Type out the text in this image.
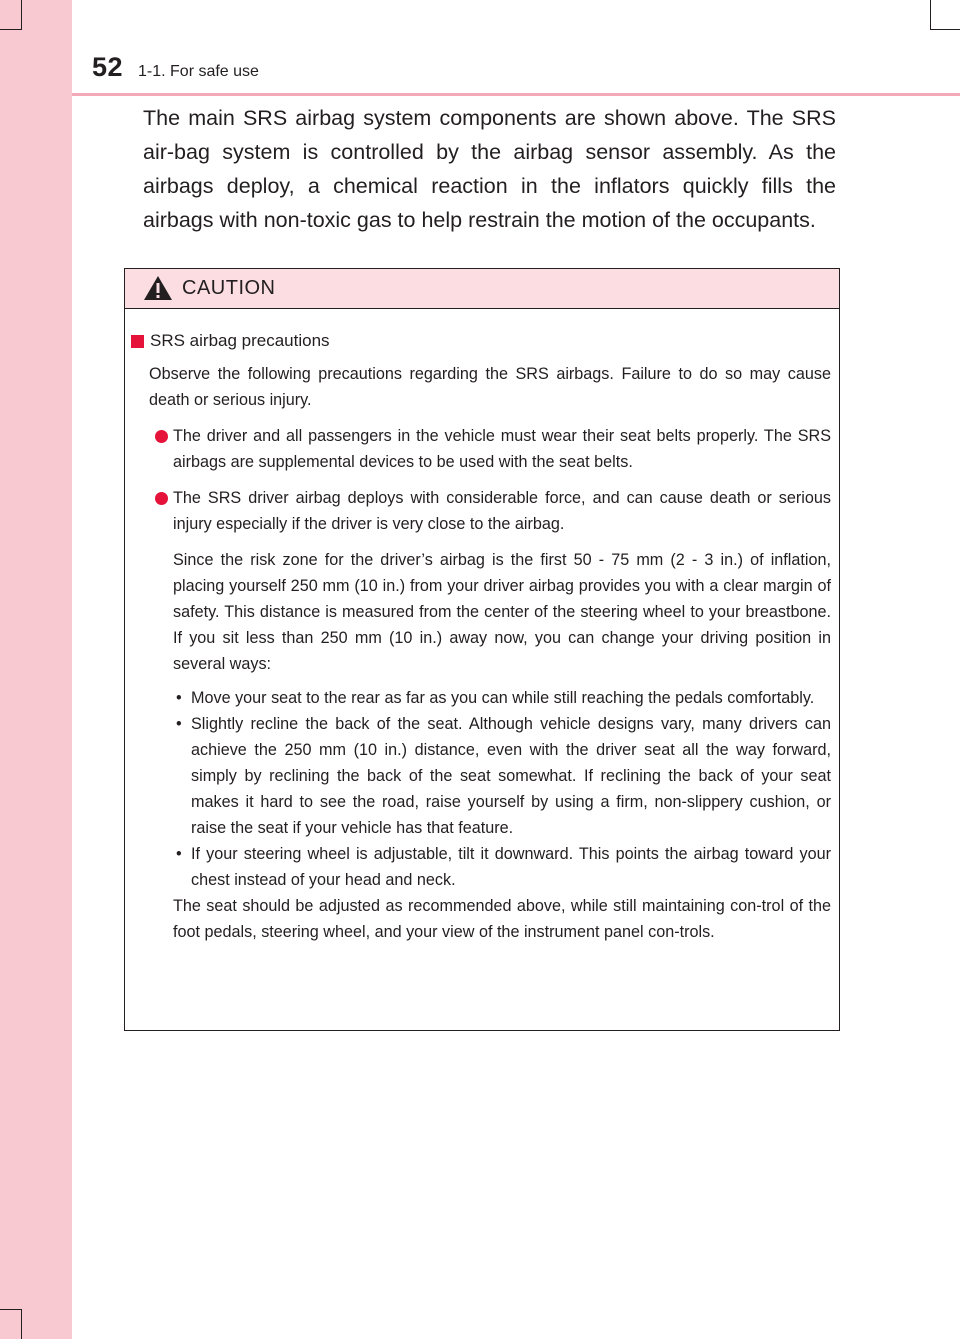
52 1-1. For safe use

The main SRS airbag system components are shown above. The SRS air-bag system is controlled by the airbag sensor assembly. As the airbags deploy, a chemical reaction in the inflators quickly fills the airbags with non-toxic gas to help restrain the motion of the occupants.

CAUTION
SRS airbag precautions

Observe the following precautions regarding the SRS airbags. Failure to do so may cause death or serious injury.

The driver and all passengers in the vehicle must wear their seat belts properly. The SRS airbags are supplemental devices to be used with the seat belts.

The SRS driver airbag deploys with considerable force, and can cause death or serious injury especially if the driver is very close to the airbag.

Since the risk zone for the driver’s airbag is the first 50 - 75 mm (2 - 3 in.) of inflation, placing yourself 250 mm (10 in.) from your driver airbag provides you with a clear margin of safety. This distance is measured from the center of the steering wheel to your breastbone. If you sit less than 250 mm (10 in.) away now, you can change your driving position in several ways:

• Move your seat to the rear as far as you can while still reaching the pedals comfortably.
• Slightly recline the back of the seat. Although vehicle designs vary, many drivers can achieve the 250 mm (10 in.) distance, even with the driver seat all the way forward, simply by reclining the back of the seat somewhat. If reclining the back of your seat makes it hard to see the road, raise yourself by using a firm, non-slippery cushion, or raise the seat if your vehicle has that feature.
• If your steering wheel is adjustable, tilt it downward. This points the airbag toward your chest instead of your head and neck.

The seat should be adjusted as recommended above, while still maintaining con-trol of the foot pedals, steering wheel, and your view of the instrument panel con-trols.
